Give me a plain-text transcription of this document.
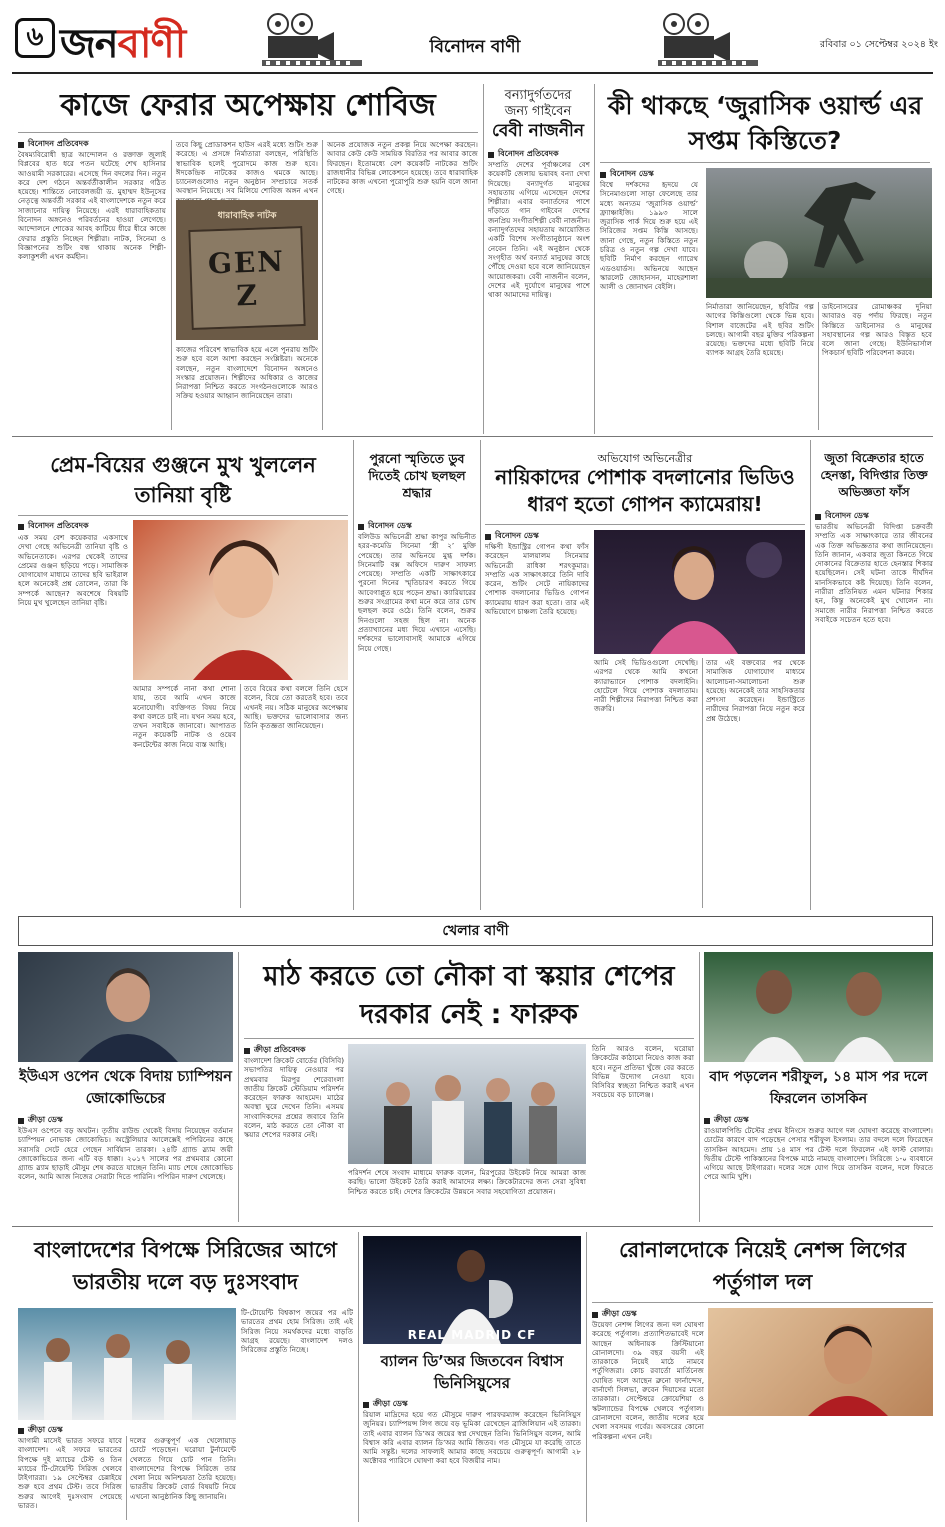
৬ জনবাণী	বিনোদন বাণী	রবিবার ০১ সেপ্টেম্বর ২০২৪ ইং
কাজে ফেরার অপেক্ষায় শোবিজ
বিনোদন প্রতিবেদক
বৈষম্যবিরোধী ছাত্র আন্দোলন ও রক্তাক্ত জুলাই বিপ্লবের হাত ধরে পতন ঘটেছে শেখ হাসিনার আওয়ামী সরকারের। এসেছে দিন বদলের দিন। নতুন করে দেশ গঠনে অন্তর্বর্তীকালীন সরকার গঠিত হয়েছে। শান্তিতে নোবেলজয়ী ড. মুহাম্মদ ইউনূসের নেতৃত্বে অন্তর্বর্তী সরকার এই বাংলাদেশকে নতুন করে সাজানোর দায়িত্ব নিয়েছে। এরই ধারাবাহিকতায় বিনোদন অঙ্গনেও পরিবর্তনের হাওয়া লেগেছে। আন্দোলনে শোকের আবহ কাটিয়ে ধীরে ধীরে কাজে ফেরার প্রস্তুতি নিচ্ছেন শিল্পীরা। নাটক, সিনেমা ও বিজ্ঞাপনের শুটিং বন্ধ থাকায় অনেক শিল্পী-কলাকুশলী এখন কর্মহীন।
তবে কিছু প্রোডাকশন হাউস এরই মধ্যে শুটিং শুরু করেছে। এ প্রসঙ্গে নির্মাতারা বলছেন, পরিস্থিতি স্বাভাবিক হলেই পুরোদমে কাজ শুরু হবে। ঈদকেন্দ্রিক নাটকের কাজও থমকে আছে। চ্যানেলগুলোও নতুন অনুষ্ঠান সম্প্রচারে সতর্ক অবস্থান নিয়েছে। সব মিলিয়ে শোবিজ অঙ্গন এখন
ধারাবাহিক নাটক
GEN Z
কাজের পরিবেশ স্বাভাবিক হয়ে এলে পুনরায় শুটিং শুরু হবে বলে আশা করছেন সংশ্লিষ্টরা। অনেকে বলছেন, নতুন বাংলাদেশে বিনোদন অঙ্গনেও সংস্কার প্রয়োজন। শিল্পীদের অধিকার ও কাজের নিরাপত্তা নিশ্চিত করতে সংগঠনগুলোকে আরও সক্রিয় হওয়ার আহ্বান জানিয়েছেন তারা।
অনেক প্রযোজক নতুন প্রকল্প নিয়ে অপেক্ষা করছেন। আবার কেউ কেউ সাময়িক বিরতির পর আবার কাজে ফিরছেন। ইতোমধ্যে বেশ কয়েকটি নাটকের শুটিং রাজধানীর বিভিন্ন লোকেশনে হয়েছে। তবে ধারাবাহিক নাটকের কাজ এখনো পুরোপুরি শুরু হয়নি বলে জানা গেছে।
বন্যাদুর্গতদের
জন্য গাইবেন
বেবী নাজনীন
বিনোদন প্রতিবেদক
সম্প্রতি দেশের পূর্বাঞ্চলের বেশ কয়েকটি জেলায় ভয়াবহ বন্যা দেখা দিয়েছে। বন্যাদুর্গত মানুষের সহায়তায় এগিয়ে এসেছেন দেশের শিল্পীরা। এবার বন্যার্তদের পাশে দাঁড়াতে গান গাইবেন দেশের জনপ্রিয় সংগীতশিল্পী বেবী নাজনীন। বন্যাদুর্গতদের সহায়তায় আয়োজিত একটি বিশেষ সংগীতানুষ্ঠানে অংশ নেবেন তিনি। এই অনুষ্ঠান থেকে সংগৃহীত অর্থ বন্যার্ত মানুষের কাছে পৌঁছে দেওয়া হবে বলে জানিয়েছেন আয়োজকরা। বেবী নাজনীন বলেন, দেশের এই দুর্যোগে মানুষের পাশে থাকা আমাদের দায়িত্ব।
কী থাকছে ‘জুরাসিক ওয়ার্ল্ড এর সপ্তম কিস্তিতে?
বিনোদন ডেস্ক
বিশ্বে দর্শকদের হৃদয়ে যে সিনেমাগুলো সাড়া ফেলেছে তার মধ্যে অন্যতম ‘জুরাসিক ওয়ার্ল্ড’ ফ্র্যাঞ্চাইজি। ১৯৯৩ সালে জুরাসিক পার্ক দিয়ে শুরু হয়ে এই সিরিজের সপ্তম কিস্তি আসছে। জানা গেছে, নতুন কিস্তিতে নতুন চরিত্র ও নতুন গল্প দেখা যাবে। ছবিটি নির্মাণ করছেন গ্যারেথ এডওয়ার্ডস। অভিনয়ে আছেন স্কারলেট জোহানসন, মাহেরশালা আলী ও জোনাথন বেইলি।
নির্মাতারা জানিয়েছেন, ছবিটির গল্প আগের কিস্তিগুলো থেকে ভিন্ন হবে। বিশাল বাজেটের এই ছবির শুটিং চলছে। আগামী বছর মুক্তির পরিকল্পনা রয়েছে। ভক্তদের মধ্যে ছবিটি নিয়ে ব্যাপক আগ্রহ তৈরি হয়েছে।
ডাইনোসরের রোমাঞ্চকর দুনিয়া আবারও বড় পর্দায় ফিরছে। নতুন কিস্তিতে ডাইনোসর ও মানুষের সহাবস্থানের গল্প আরও বিস্তৃত হবে বলে জানা গেছে। ইউনিভার্সাল পিকচার্স ছবিটি পরিবেশনা করবে।
প্রেম-বিয়ের গুঞ্জনে মুখ খুললেন তানিয়া বৃষ্টি
বিনোদন প্রতিবেদক
এক সময় বেশ কয়েকবার একসাথে দেখা গেছে অভিনেত্রী তানিয়া বৃষ্টি ও অভিনেতাকে। এরপর থেকেই তাদের প্রেমের গুঞ্জন ছড়িয়ে পড়ে। সামাজিক যোগাযোগ মাধ্যমে তাদের ছবি ভাইরাল হলে অনেকেই প্রশ্ন তোলেন, তারা কি সম্পর্কে আছেন? অবশেষে বিষয়টি নিয়ে মুখ খুলেছেন তানিয়া বৃষ্টি।
আমার সম্পর্কে নানা কথা শোনা যায়, তবে আমি এখন কাজে মনোযোগী। ব্যক্তিগত বিষয় নিয়ে কথা বলতে চাই না। যখন সময় হবে, তখন সবাইকে জানাবো। আপাতত নতুন কয়েকটি নাটক ও ওয়েব কনটেন্টের কাজ নিয়ে ব্যস্ত আছি।
তবে বিয়ের কথা বললে তিনি হেসে বলেন, বিয়ে তো করতেই হবে। তবে এখনই নয়। সঠিক মানুষের অপেক্ষায় আছি। ভক্তদের ভালোবাসার জন্য তিনি কৃতজ্ঞতা জানিয়েছেন।
পুরনো স্মৃতিতে ডুব দিতেই চোখ ছলছল শ্রদ্ধার
বিনোদন ডেস্ক
বলিউড অভিনেত্রী শ্রদ্ধা কাপুর অভিনীত হরর-কমেডি সিনেমা ‘স্ত্রী ২’ মুক্তি পেয়েছে। তার অভিনয়ে মুগ্ধ দর্শক। সিনেমাটি বক্স অফিসে দারুণ সাফল্য পেয়েছে। সম্প্রতি একটি সাক্ষাৎকারে পুরনো দিনের স্মৃতিচারণ করতে গিয়ে আবেগাপ্লুত হয়ে পড়েন শ্রদ্ধা। ক্যারিয়ারের শুরুর সংগ্রামের কথা মনে করে তার চোখ ছলছল করে ওঠে। তিনি বলেন, শুরুর দিনগুলো সহজ ছিল না। অনেক প্রত্যাখ্যানের মধ্য দিয়ে এখানে এসেছি। দর্শকদের ভালোবাসাই আমাকে এগিয়ে নিয়ে গেছে।
অভিযোগ অভিনেত্রীর
নায়িকাদের পোশাক বদলানোর ভিডিও ধারণ হতো গোপন ক্যামেরায়!
বিনোদন ডেস্ক
দক্ষিণী ইন্ডাস্ট্রির গোপন কথা ফাঁস করেছেন মালয়ালম সিনেমার অভিনেত্রী রাধিকা শরৎকুমার। সম্প্রতি এক সাক্ষাৎকারে তিনি দাবি করেন, শুটিং সেটে নায়িকাদের পোশাক বদলানোর ভিডিও গোপন ক্যামেরায় ধারণ করা হতো। তার এই অভিযোগে চাঞ্চল্য তৈরি হয়েছে।
আমি সেই ভিডিওগুলো দেখেছি। এরপর থেকে আমি কখনো ক্যারাভ্যানে পোশাক বদলাইনি। হোটেলে গিয়ে পোশাক বদলাতাম। নারী শিল্পীদের নিরাপত্তা নিশ্চিত করা জরুরি।
তার এই বক্তব্যের পর থেকে সামাজিক যোগাযোগ মাধ্যমে আলোচনা-সমালোচনা শুরু হয়েছে। অনেকেই তার সাহসিকতার প্রশংসা করেছেন। ইন্ডাস্ট্রিতে নারীদের নিরাপত্তা নিয়ে নতুন করে প্রশ্ন উঠেছে।
জুতা বিক্রেতার হাতে হেনস্তা, বিদিপ্তার তিক্ত অভিজ্ঞতা ফাঁস
বিনোদন ডেস্ক
ভারতীয় অভিনেত্রী বিদিপ্তা চক্রবর্তী সম্প্রতি এক সাক্ষাৎকারে তার জীবনের এক তিক্ত অভিজ্ঞতার কথা জানিয়েছেন। তিনি জানান, একবার জুতা কিনতে গিয়ে দোকানের বিক্রেতার হাতে হেনস্তার শিকার হয়েছিলেন। সেই ঘটনা তাকে দীর্ঘদিন মানসিকভাবে কষ্ট দিয়েছে। তিনি বলেন, নারীরা প্রতিনিয়ত এমন ঘটনার শিকার হন, কিন্তু অনেকেই মুখ খোলেন না। সমাজে নারীর নিরাপত্তা নিশ্চিত করতে সবাইকে সচেতন হতে হবে।
খেলার বাণী
ইউএস ওপেন থেকে বিদায় চ্যাম্পিয়ন জোকোভিচের
ক্রীড়া ডেস্ক
ইউএস ওপেনে বড় অঘটন। তৃতীয় রাউন্ড থেকেই বিদায় নিয়েছেন বর্তমান চ্যাম্পিয়ন নোভাক জোকোভিচ। অস্ট্রেলিয়ার আলেক্সেই পপিরিনের কাছে সরাসরি সেটে হেরে গেছেন সার্বিয়ান তারকা। ২৪টি গ্র্যান্ড স্ল্যাম জয়ী জোকোভিচের জন্য এটি বড় ধাক্কা। ২০১৭ সালের পর প্রথমবার কোনো গ্র্যান্ড স্ল্যাম ছাড়াই মৌসুম শেষ করতে যাচ্ছেন তিনি। ম্যাচ শেষে জোকোভিচ বলেন, আমি আজ নিজের সেরাটা দিতে পারিনি। পপিরিন দারুণ খেলেছে।
মাঠ করতে তো নৌকা বা স্কয়ার শেপের দরকার নেই : ফারুক
ক্রীড়া প্রতিবেদক
বাংলাদেশ ক্রিকেট বোর্ডের (বিসিবি) সভাপতির দায়িত্ব নেওয়ার পর প্রথমবার মিরপুর শেরেবাংলা জাতীয় ক্রিকেট স্টেডিয়াম পরিদর্শন করেছেন ফারুক আহমেদ। মাঠের অবস্থা ঘুরে দেখেন তিনি। এসময় সাংবাদিকদের প্রশ্নের জবাবে তিনি বলেন, মাঠ করতে তো নৌকা বা স্কয়ার শেপের দরকার নেই।
পরিদর্শন শেষে সংবাদ মাধ্যমে ফারুক বলেন, মিরপুরের উইকেট নিয়ে আমরা কাজ করছি। ভালো উইকেট তৈরি করাই আমাদের লক্ষ্য। ক্রিকেটারদের জন্য সেরা সুবিধা নিশ্চিত করতে চাই। দেশের ক্রিকেটের উন্নয়নে সবার সহযোগিতা প্রয়োজন।
তিনি আরও বলেন, ঘরোয়া ক্রিকেটের কাঠামো নিয়েও কাজ করা হবে। নতুন প্রতিভা খুঁজে বের করতে বিভিন্ন উদ্যোগ নেওয়া হবে। বিসিবির স্বচ্ছতা নিশ্চিত করাই এখন সবচেয়ে বড় চ্যালেঞ্জ।
বাদ পড়লেন শরীফুল, ১৪ মাস পর দলে ফিরলেন তাসকিন
ক্রীড়া ডেস্ক
রাওয়ালপিন্ডি টেস্টের প্রথম ইনিংসে শুরুর আগে দল ঘোষণা করেছে বাংলাদেশ। চোটের কারণে বাদ পড়েছেন পেসার শরীফুল ইসলাম। তার বদলে দলে ফিরেছেন তাসকিন আহমেদ। প্রায় ১৪ মাস পর টেস্ট দলে ফিরলেন এই ফাস্ট বোলার। দ্বিতীয় টেস্টে পাকিস্তানের বিপক্ষে মাঠে নামছে বাংলাদেশ। সিরিজে ১-০ ব্যবধানে এগিয়ে আছে টাইগাররা। দলের সঙ্গে যোগ দিয়ে তাসকিন বলেন, দলে ফিরতে পেরে আমি খুশি।
বাংলাদেশের বিপক্ষে সিরিজের আগে ভারতীয় দলে বড় দুঃসংবাদ
ক্রীড়া ডেস্ক
আগামী মাসেই ভারত সফরে যাবে বাংলাদেশ। এই সফরে ভারতের বিপক্ষে দুই ম্যাচের টেস্ট ও তিন ম্যাচের টি-টোয়েন্টি সিরিজ খেলবে টাইগাররা। ১৯ সেপ্টেম্বর চেন্নাইয়ে শুরু হবে প্রথম টেস্ট। তবে সিরিজ শুরুর আগেই দুঃসংবাদ পেয়েছে ভারত।
দলের গুরুত্বপূর্ণ এক খেলোয়াড় চোটে পড়েছেন। ঘরোয়া টুর্নামেন্টে খেলতে গিয়ে চোট পান তিনি। বাংলাদেশের বিপক্ষে সিরিজে তার খেলা নিয়ে অনিশ্চয়তা তৈরি হয়েছে। ভারতীয় ক্রিকেট বোর্ড বিষয়টি নিয়ে এখনো আনুষ্ঠানিক কিছু জানায়নি।
টি-টোয়েন্টি বিশ্বকাপ জয়ের পর এটি ভারতের প্রথম হোম সিরিজ। তাই এই সিরিজ নিয়ে সমর্থকদের মধ্যে বাড়তি আগ্রহ রয়েছে। বাংলাদেশ দলও সিরিজের প্রস্তুতি নিচ্ছে।
REAL MADRID CF
ব্যালন ডি’অর জিতবেন বিশ্বাস ভিনিসিয়ুসের
ক্রীড়া ডেস্ক
রিয়াল মাদ্রিদের হয়ে গত মৌসুমে দারুণ পারফরম্যান্স করেছেন ভিনিসিয়ুস জুনিয়র। চ্যাম্পিয়ন্স লিগ জয়ে বড় ভূমিকা রেখেছেন ব্রাজিলিয়ান এই তারকা। তাই এবার ব্যালন ডি’অর জয়ের স্বপ্ন দেখছেন তিনি। ভিনিসিয়ুস বলেন, আমি বিশ্বাস করি এবার ব্যালন ডি’অর আমি জিতব। গত মৌসুমে যা করেছি তাতে আমি সন্তুষ্ট। দলের সাফল্যই আমার কাছে সবচেয়ে গুরুত্বপূর্ণ। আগামী ২৮ অক্টোবর প্যারিসে ঘোষণা করা হবে বিজয়ীর নাম।
রোনালদোকে নিয়েই নেশন্স লিগের পর্তুগাল দল
ক্রীড়া ডেস্ক
উয়েফা নেশন্স লিগের জন্য দল ঘোষণা করেছে পর্তুগাল। প্রত্যাশিতভাবেই দলে আছেন অধিনায়ক ক্রিস্টিয়ানো রোনালদো। ৩৯ বছর বয়সী এই তারকাকে নিয়েই মাঠে নামবে পর্তুগিজরা। কোচ রবার্তো মার্তিনেজ ঘোষিত দলে আছেন ব্রুনো ফার্নান্দেস, বার্নার্দো সিলভা, রুবেন দিয়াসের মতো তারকারা। সেপ্টেম্বরে ক্রোয়েশিয়া ও স্কটল্যান্ডের বিপক্ষে খেলবে পর্তুগাল। রোনালদো বলেন, জাতীয় দলের হয়ে খেলা সবসময় গর্বের। অবসরের কোনো পরিকল্পনা এখন নেই।
